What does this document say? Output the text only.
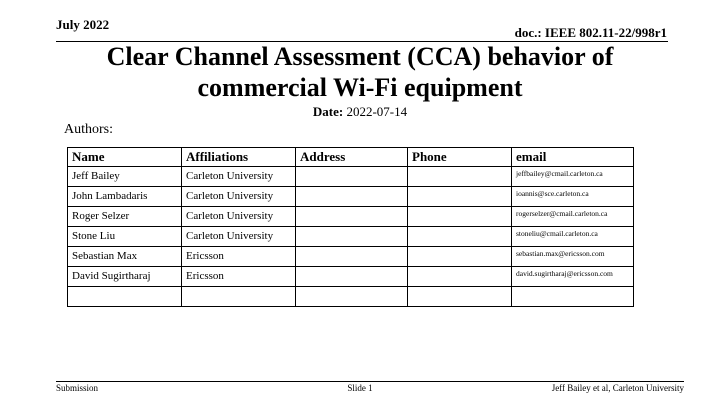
July 2022
doc.: IEEE 802.11-22/998r1
Clear Channel Assessment (CCA) behavior of commercial Wi-Fi equipment
Date: 2022-07-14
Authors:
Name	Affiliations	Address	Phone	email
Jeff Bailey	Carleton University			jeffbailey@cmail.carleton.ca
John Lambadaris	Carleton University			ioannis@sce.carleton.ca
Roger Selzer	Carleton University			rogerselzer@cmail.carleton.ca
Stone Liu	Carleton University			stoneliu@cmail.carleton.ca
Sebastian Max	Ericsson			sebastian.max@ericsson.com
David Sugirtharaj	Ericsson			david.sugirtharaj@ericsson.com

Submission	Slide 1	Jeff Bailey et al, Carleton University
